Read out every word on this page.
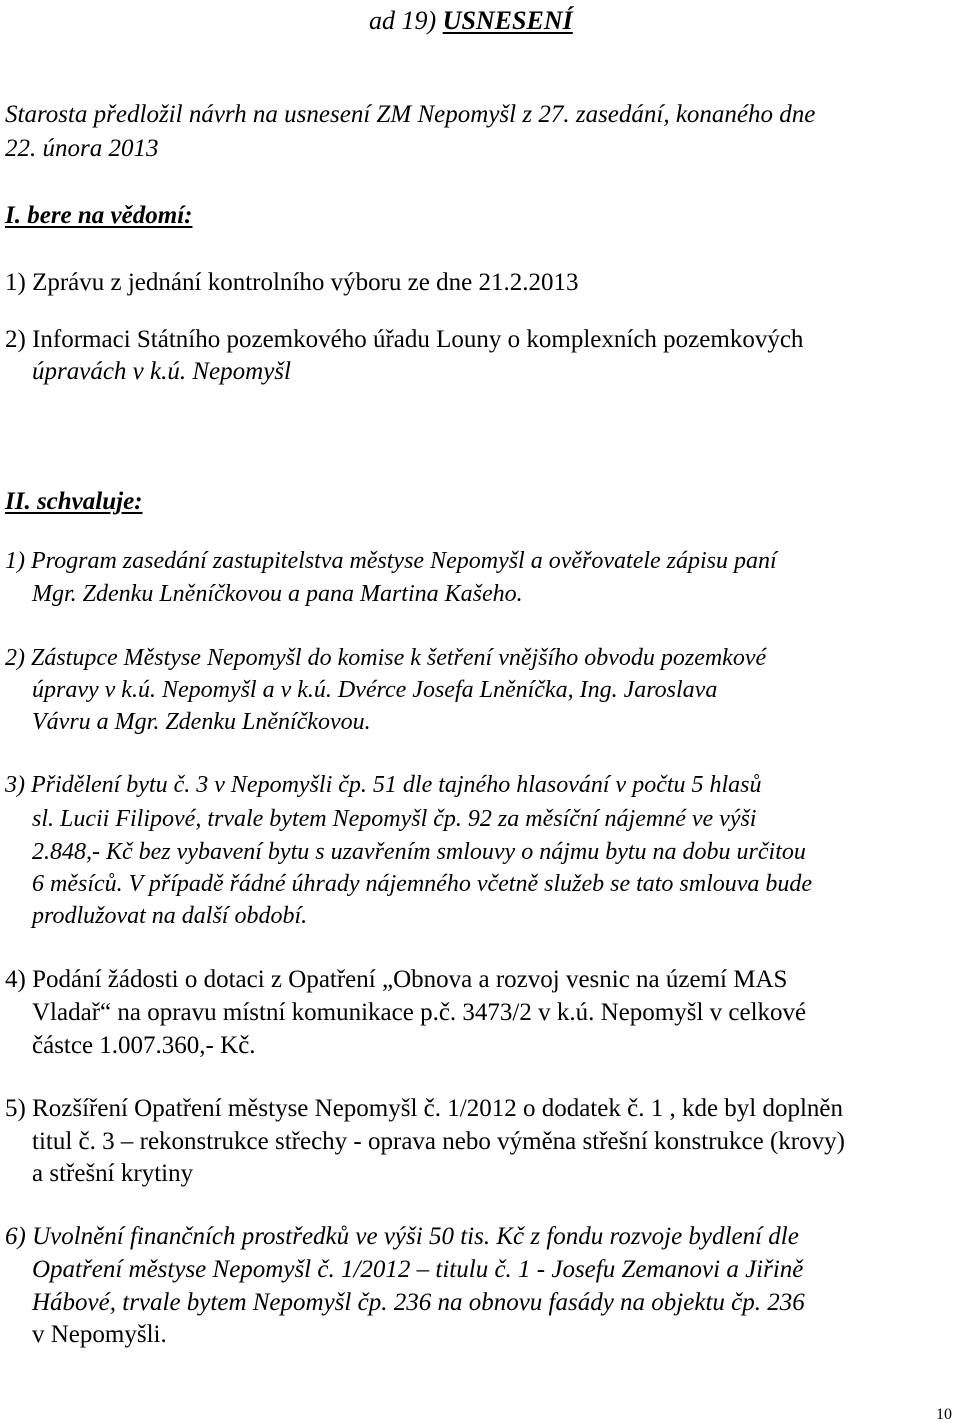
ad 19) USNESENÍ
Starosta předložil návrh na usnesení ZM Nepomyšl z 27. zasedání, konaného dne
22. února 2013
I. bere na vědomí:
1) Zprávu z jednání kontrolního výboru ze dne 21.2.2013
2) Informaci Státního pozemkového úřadu Louny o komplexních pozemkových
úpravách v k.ú. Nepomyšl
II. schvaluje:
1) Program zasedání zastupitelstva městyse Nepomyšl a ověřovatele zápisu paní
Mgr. Zdenku Lněníčkovou a pana Martina Kašeho.
2) Zástupce Městyse Nepomyšl do komise k šetření vnějšího obvodu pozemkové
úpravy v k.ú. Nepomyšl a v k.ú. Dvérce Josefa Lněníčka, Ing. Jaroslava
Vávru a Mgr. Zdenku Lněníčkovou.
3) Přidělení bytu č. 3 v Nepomyšli čp. 51 dle tajného hlasování v počtu 5 hlasů
sl. Lucii Filipové, trvale bytem Nepomyšl čp. 92 za měsíční nájemné ve výši
2.848,- Kč bez vybavení bytu s uzavřením smlouvy o nájmu bytu na dobu určitou
6 měsíců. V případě řádné úhrady nájemného včetně služeb se tato smlouva bude
prodlužovat na další období.
4) Podání žádosti o dotaci z Opatření „Obnova a rozvoj vesnic na území MAS
Vladař“ na opravu místní komunikace p.č. 3473/2 v k.ú. Nepomyšl v celkové
částce 1.007.360,- Kč.
5) Rozšíření Opatření městyse Nepomyšl č. 1/2012 o dodatek č. 1 , kde byl doplněn
titul č. 3 – rekonstrukce střechy - oprava nebo výměna střešní konstrukce (krovy)
a střešní krytiny
6) Uvolnění finančních prostředků ve výši 50 tis. Kč z fondu rozvoje bydlení dle
Opatření městyse Nepomyšl č. 1/2012 – titulu č. 1 - Josefu Zemanovi a Jiřině
Hábové, trvale bytem Nepomyšl čp. 236 na obnovu fasády na objektu čp. 236
v Nepomyšli.
10
